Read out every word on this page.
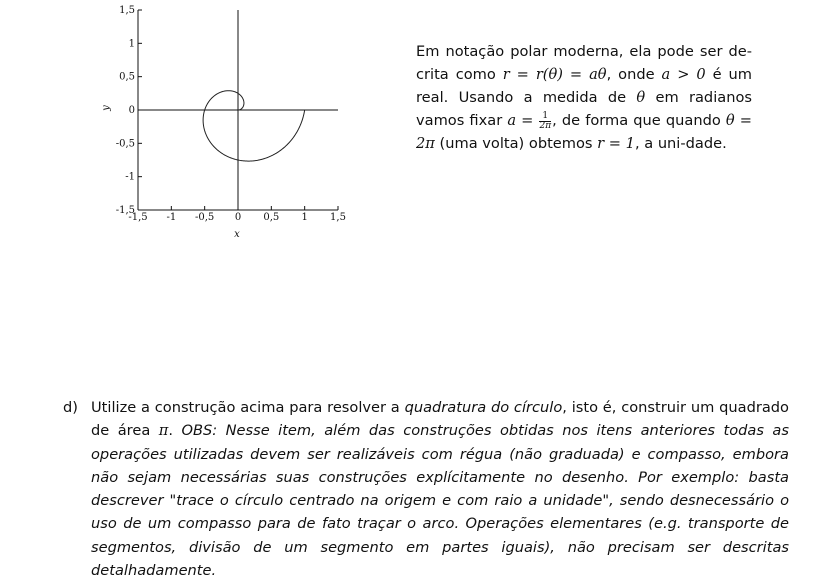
-1,5 -1 -0,5 0 0,5 1 1,5
1,5
1
0,5
0
-0,5
-1
-1,5
x
y
Em notação polar moderna, ela pode ser de-crita como r = r(θ) = aθ, onde a > 0 é um real. Usando a medida de θ em radianos vamos fixar $a = \frac{1}{2\pi}$ , de forma que quando θ = 2π (uma volta) obtemos r = 1, a uni-dade.
d) Utilize a construção acima para resolver a quadratura do círculo, isto é, construir um quadrado de área π. OBS: Nesse item, além das construções obtidas nos itens anteriores todas as operações utilizadas devem ser realizáveis com régua (não graduada) e compasso, embora não sejam necessárias suas construções explícitamente no desenho. Por exemplo: basta descrever "trace o círculo centrado na origem e com raio a unidade", sendo desnecessário o uso de um compasso para de fato traçar o arco. Operações elementares (e.g. transporte de segmentos, divisão de um segmento em partes iguais), não precisam ser descritas detalhadamente.
